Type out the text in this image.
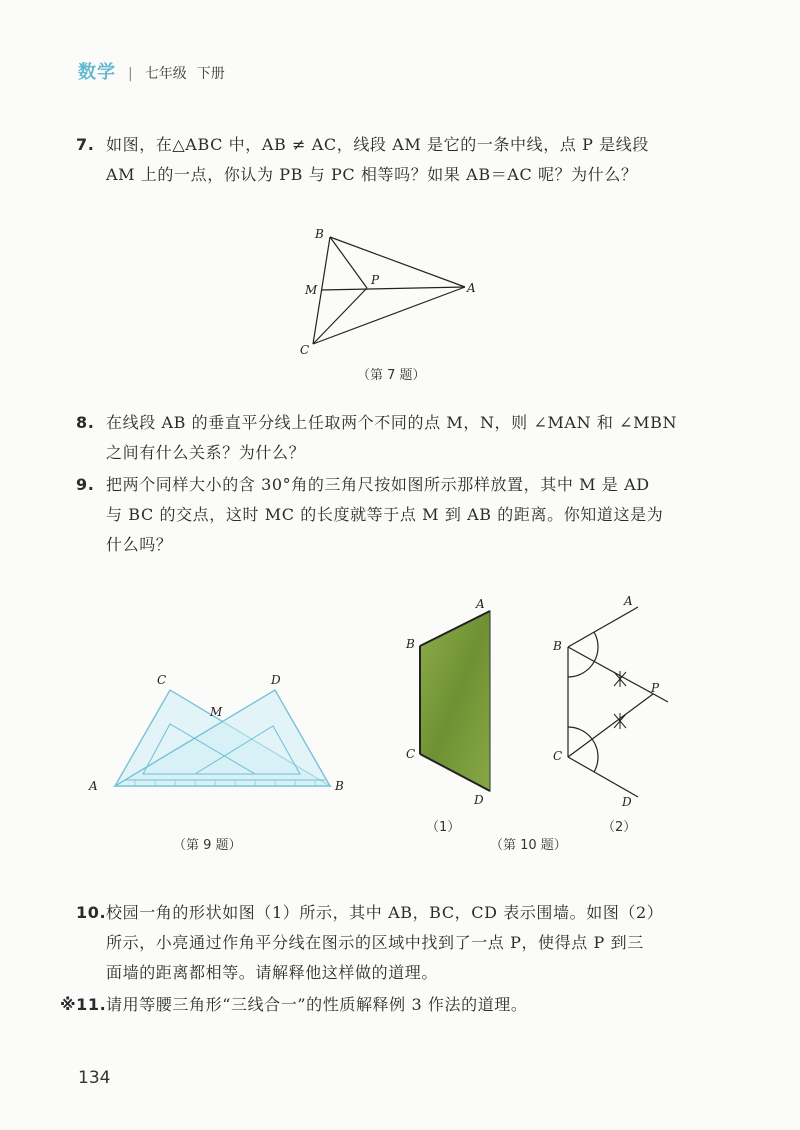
数学 | 七年级 下册
7. 如图，在△ABC 中，AB ≠ AC，线段 AM 是它的一条中线，点 P 是线段

AM 上的一点，你认为 PB 与 PC 相等吗？如果 AB＝AC 呢？为什么？

B
M
P
A
C
（第 7 题）
8. 在线段 AB 的垂直平分线上任取两个不同的点 M，N，则 ∠MAN 和 ∠MBN

之间有什么关系？为什么？

9. 把两个同样大小的含 30°角的三角尺按如图所示那样放置，其中 M 是 AD

与 BC 的交点，这时 MC 的长度就等于点 M 到 AB 的距离。你知道这是为

什么吗？

C	D
M
A	B
（第 9 题）
A
B
C
D
（1）
A
B
P
C
D
（2）
（第 10 题）
10. 校园一角的形状如图（1）所示，其中 AB，BC，CD 表示围墙。如图（2）

所示，小亮通过作角平分线在图示的区域中找到了一点 P，使得点 P 到三

面墙的距离都相等。请解释他这样做的道理。

※11. 请用等腰三角形“三线合一”的性质解释例 3 作法的道理。

134
